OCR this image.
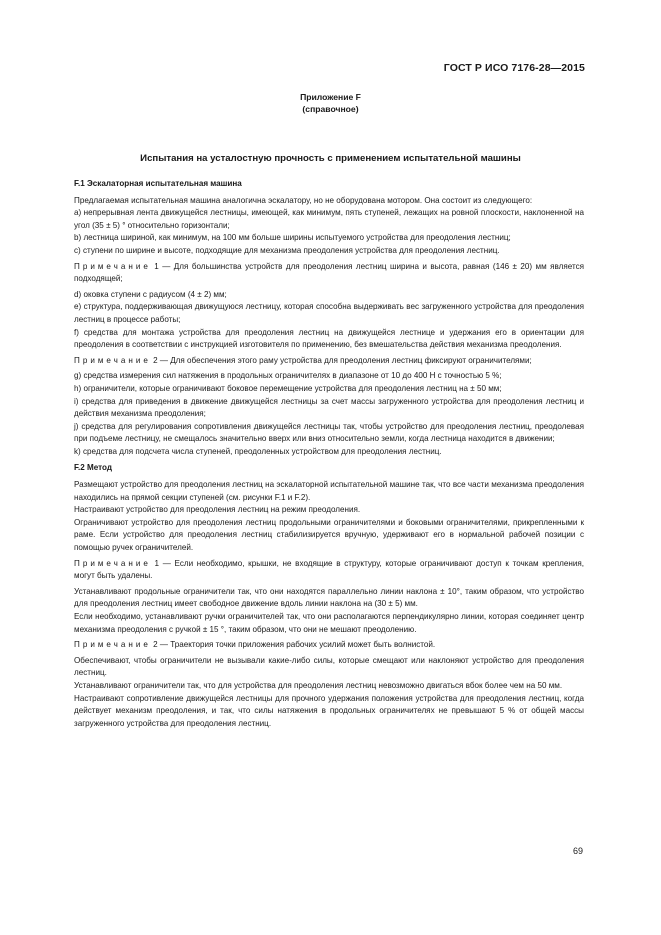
ГОСТ Р ИСО 7176-28—2015
Приложение F
(справочное)
Испытания на усталостную прочность с применением испытательной машины

F.1 Эскалаторная испытательная машина

Предлагаемая испытательная машина аналогична эскалатору, но не оборудована мотором. Она состоит из следующего:

a) непрерывная лента движущейся лестницы, имеющей, как минимум, пять ступеней, лежащих на ровной плоскости, наклоненной на угол (35 ± 5) ° относительно горизонтали;

b) лестница шириной, как минимум, на 100 мм больше ширины испытуемого устройства для преодоления лестниц;

c) ступени по ширине и высоте, подходящие для механизма преодоления устройства для преодоления лестниц.

Примечание 1 — Для большинства устройств для преодоления лестниц ширина и высота, равная (146 ± 20) мм является подходящей;

d) оковка ступени с радиусом (4 ± 2) мм;

e) структура, поддерживающая движущуюся лестницу, которая способна выдерживать вес загруженного устройства для преодоления лестниц в процессе работы;

f) средства для монтажа устройства для преодоления лестниц на движущейся лестнице и удержания его в ориентации для преодоления в соответствии с инструкцией изготовителя по применению, без вмешательства действия механизма преодоления.

Примечание 2 — Для обеспечения этого раму устройства для преодоления лестниц фиксируют ограничителями;

g) средства измерения сил натяжения в продольных ограничителях в диапазоне от 10 до 400 Н с точностью 5 %;

h) ограничители, которые ограничивают боковое перемещение устройства для преодоления лестниц на ± 50 мм;

i) средства для приведения в движение движущейся лестницы за счет массы загруженного устройства для преодоления лестниц и действия механизма преодоления;

j) средства для регулирования сопротивления движущейся лестницы так, чтобы устройство для преодоления лестниц, преодолевая при подъеме лестницу, не смещалось значительно вверх или вниз относительно земли, когда лестница находится в движении;

k) средства для подсчета числа ступеней, преодоленных устройством для преодоления лестниц.

F.2 Метод

Размещают устройство для преодоления лестниц на эскалаторной испытательной машине так, что все части механизма преодоления находились на прямой секции ступеней (см. рисунки F.1 и F.2).

Настраивают устройство для преодоления лестниц на режим преодоления.

Ограничивают устройство для преодоления лестниц продольными ограничителями и боковыми ограничителями, прикрепленными к раме. Если устройство для преодоления лестниц стабилизируется вручную, удерживают его в нормальной рабочей позиции с помощью ручек ограничителей.

Примечание 1 — Если необходимо, крышки, не входящие в структуру, которые ограничивают доступ к точкам крепления, могут быть удалены.

Устанавливают продольные ограничители так, что они находятся параллельно линии наклона ± 10°, таким образом, что устройство для преодоления лестниц имеет свободное движение вдоль линии наклона на (30 ± 5) мм.

Если необходимо, устанавливают ручки ограничителей так, что они располагаются перпендикулярно линии, которая соединяет центр механизма преодоления с ручкой ± 15 °, таким образом, что они не мешают преодолению.

Примечание 2 — Траектория точки приложения рабочих усилий может быть волнистой.

Обеспечивают, чтобы ограничители не вызывали какие-либо силы, которые смещают или наклоняют устройство для преодоления лестниц.

Устанавливают ограничители так, что для устройства для преодоления лестниц невозможно двигаться вбок более чем на 50 мм.

Настраивают сопротивление движущейся лестницы для прочного удержания положения устройства для преодоления лестниц, когда действует механизм преодоления, и так, что силы натяжения в продольных ограничителях не превышают 5 % от общей массы загруженного устройства для преодоления лестниц.

69
